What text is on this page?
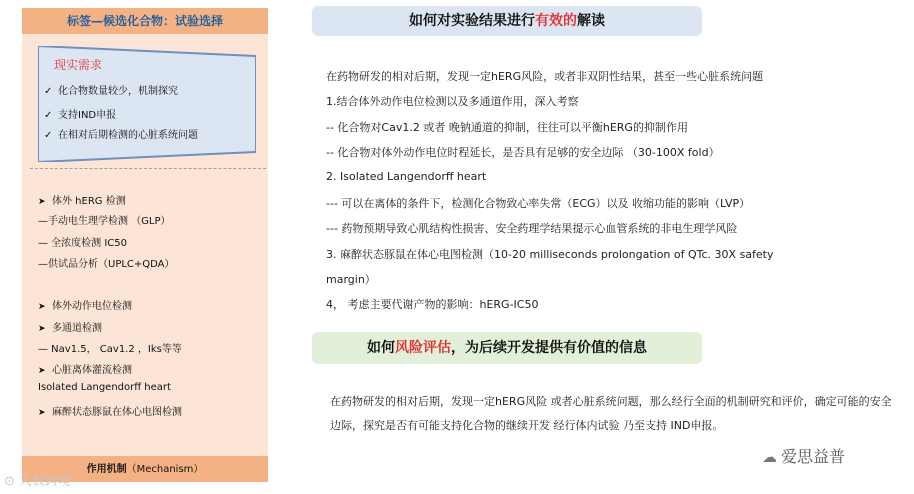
标签—候选化合物：试验选择
现实需求
✓ 化合物数量较少，机制探究
✓ 支持IND申报
✓ 在相对后期检测的心脏系统问题
➤ 体外 hERG 检测
—手动电生理学检测 （GLP）
— 全浓度检测 IC50
—供试品分析（UPLC+QDA）
➤ 体外动作电位检测
➤ 多通道检测
— Nav1.5， Cav1.2 ，Iks等等
➤ 心脏离体灌流检测
Isolated Langendorff heart
➤ 麻醉状态豚鼠在体心电图检测
作用机制（Mechanism）
⊙ 大数跨境
如何对实验结果进行有效的解读
在药物研发的相对后期，发现一定hERG风险，或者非双阴性结果，甚至一些心脏系统问题
1.结合体外动作电位检测以及多通道作用，深入考察
-- 化合物对Cav1.2 或者 晚钠通道的抑制，往往可以平衡hERG的抑制作用
-- 化合物对体外动作电位时程延长，是否具有足够的安全边际 （30-100X fold）
2. Isolated Langendorff heart
--- 可以在离体的条件下，检测化合物致心率失常（ECG）以及 收缩功能的影响（LVP）
--- 药物预期导致心肌结构性损害、安全药理学结果提示心血管系统的非电生理学风险
3. 麻醉状态豚鼠在体心电图检测（10-20 milliseconds prolongation of QTc. 30X safety
margin）
4， 考虑主要代谢产物的影响：hERG-IC50
如何风险评估，为后续开发提供有价值的信息
在药物研发的相对后期，发现一定hERG风险 或者心脏系统问题，那么经行全面的机制研究和评价，确定可能的安全边际，探究是否有可能支持化合物的继续开发 经行体内试验 乃至支持 IND申报。
☁ 爱思益普
